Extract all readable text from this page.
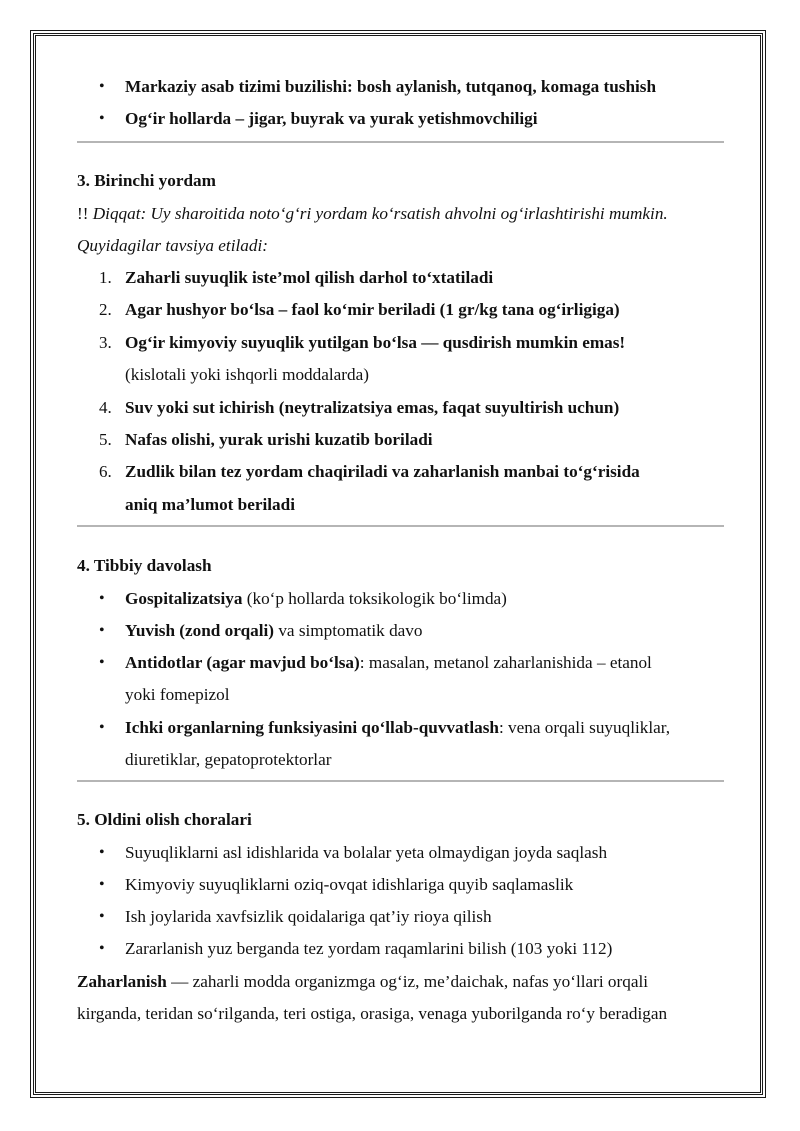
• Markaziy asab tizimi buzilishi: bosh aylanish, tutqanoq, komaga tushish
• Og‘ir hollarda – jigar, buyrak va yurak yetishmovchiligi
3. Birinchi yordam
!! Diqqat: Uy sharoitida noto‘g‘ri yordam ko‘rsatish ahvolni og‘irlashtirishi mumkin.
Quyidagilar tavsiya etiladi:
1. Zaharli suyuqlik iste’mol qilish darhol to‘xtatiladi
2. Agar hushyor bo‘lsa – faol ko‘mir beriladi (1 gr/kg tana og‘irligiga)
3. Og‘ir kimyoviy suyuqlik yutilgan bo‘lsa — qusdirish mumkin emas!
(kislotali yoki ishqorli moddalarda)
4. Suv yoki sut ichirish (neytralizatsiya emas, faqat suyultirish uchun)
5. Nafas olishi, yurak urishi kuzatib boriladi
6. Zudlik bilan tez yordam chaqiriladi va zaharlanish manbai to‘g‘risida
aniq ma’lumot beriladi
4. Tibbiy davolash
• Gospitalizatsiya (ko‘p hollarda toksikologik bo‘limda)
• Yuvish (zond orqali) va simptomatik davo
• Antidotlar (agar mavjud bo‘lsa): masalan, metanol zaharlanishida – etanol
yoki fomepizol
• Ichki organlarning funksiyasini qo‘llab-quvvatlash: vena orqali suyuqliklar,
diuretiklar, gepatoprotektorlar
5. Oldini olish choralari
• Suyuqliklarni asl idishlarida va bolalar yeta olmaydigan joyda saqlash
• Kimyoviy suyuqliklarni oziq-ovqat idishlariga quyib saqlamaslik
• Ish joylarida xavfsizlik qoidalariga qat’iy rioya qilish
• Zararlanish yuz berganda tez yordam raqamlarini bilish (103 yoki 112)
Zaharlanish — zaharli modda organizmga og‘iz, me’daichak, nafas yo‘llari orqali
kirganda, teridan so‘rilganda, teri ostiga, orasiga, venaga yuborilganda ro‘y beradigan
